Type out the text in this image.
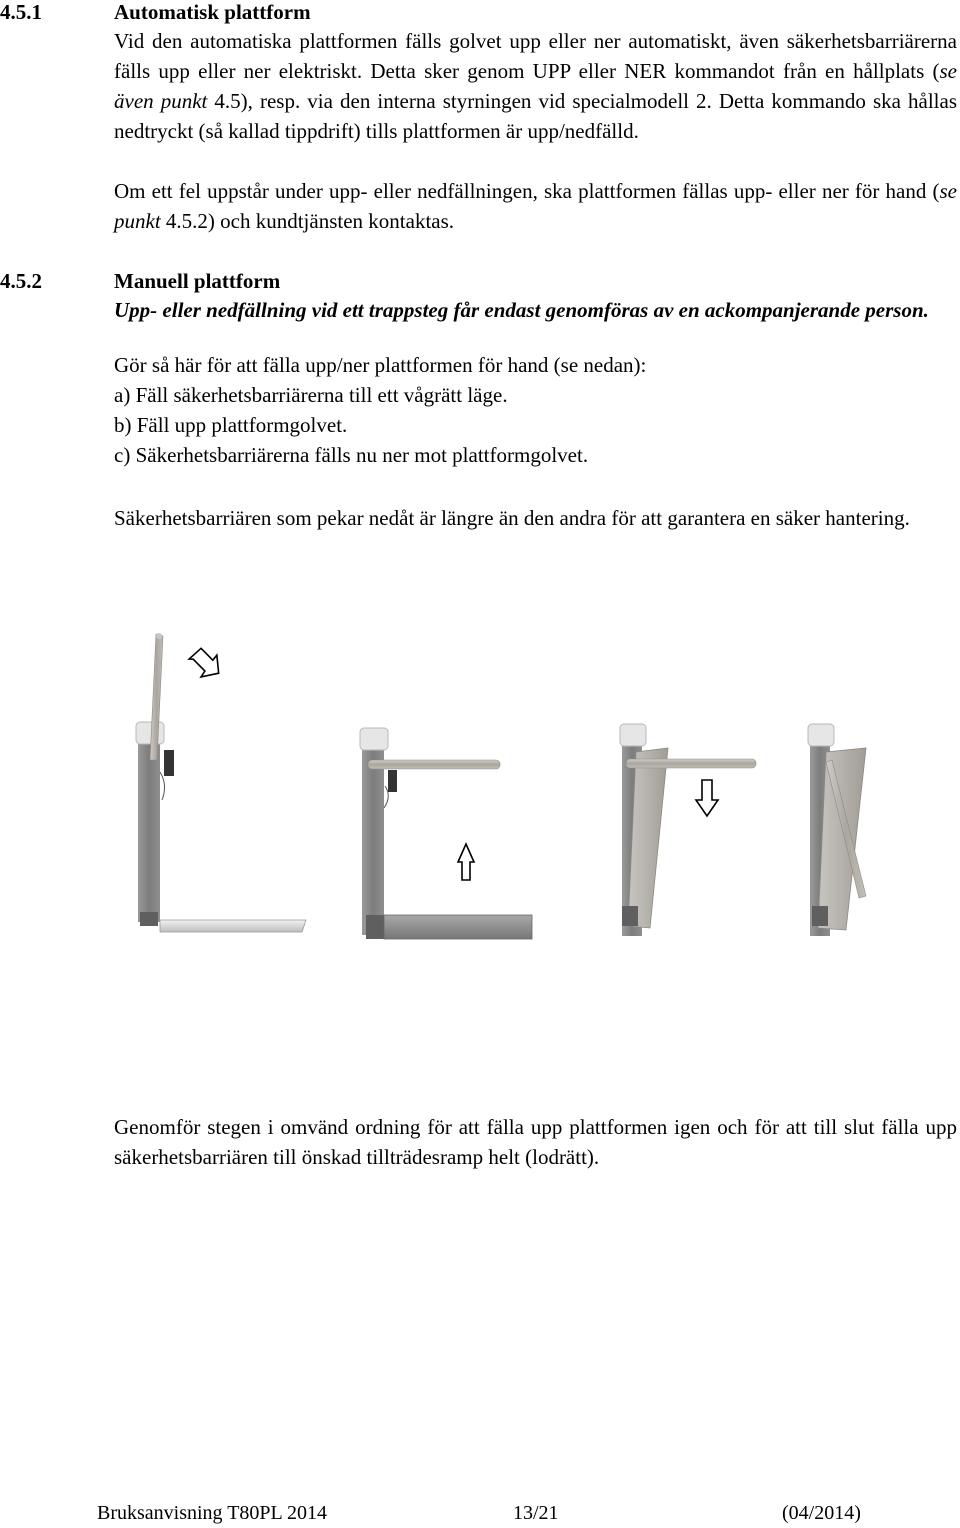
4.5.1	Automatisk plattform
Vid den automatiska plattformen fälls golvet upp eller ner automatiskt, även säkerhetsbarriärerna fälls upp eller ner elektriskt. Detta sker genom UPP eller NER kommandot från en hållplats (se även punkt 4.5), resp. via den interna styrningen vid specialmodell 2. Detta kommando ska hållas nedtryckt (så kallad tippdrift) tills plattformen är upp/nedfälld.
Om ett fel uppstår under upp- eller nedfällningen, ska plattformen fällas upp- eller ner för hand (se punkt 4.5.2) och kundtjänsten kontaktas.
4.5.2	Manuell plattform
Upp- eller nedfällning vid ett trappsteg får endast genomföras av en ackompanjerande person.
Gör så här för att fälla upp/ner plattformen för hand (se nedan):
a) Fäll säkerhetsbarriärerna till ett vågrätt läge.
b) Fäll upp plattformgolvet.
c) Säkerhetsbarriärerna fälls nu ner mot plattformgolvet.
Säkerhetsbarriären som pekar nedåt är längre än den andra för att garantera en säker hantering.
Genomför stegen i omvänd ordning för att fälla upp plattformen igen och för att till slut fälla upp säkerhetsbarriären till önskad tillträdesramp helt (lodrätt).
Bruksanvisning T80PL 2014	13/21	(04/2014)
